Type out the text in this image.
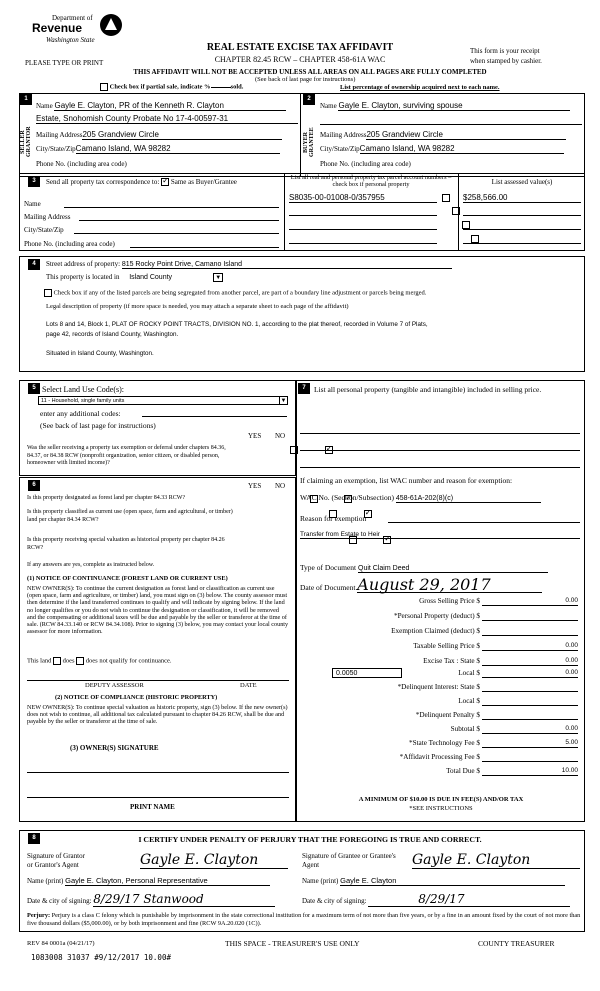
Department of
Revenue
Washington State
PLEASE TYPE OR PRINT
REAL ESTATE EXCISE TAX AFFIDAVIT
CHAPTER 82.45 RCW – CHAPTER 458-61A WAC
This form is your receipt
when stamped by cashier.
THIS AFFIDAVIT WILL NOT BE ACCEPTED UNLESS ALL AREAS ON ALL PAGES ARE FULLY COMPLETED
Check box if partial sale, indicate %	sold.
(See back of last page for instructions)
List percentage of ownership acquired next to each name.
1
SELLER GRANTOR
Name Gayle E. Clayton, PR of the Kenneth R. Clayton
Estate, Snohomish County Probate No 17-4-00597-31
Mailing Address205 Grandview Circle
City/State/ZipCamano Island, WA 98282
Phone No. (including area code)
2
BUYER GRANTEE
Name Gayle E. Clayton, surviving spouse
Mailing Address205 Grandview Circle
City/State/ZipCamano Island, WA 98282
Phone No. (including area code)
3	Send all property tax correspondence to: ✓ Same as Buyer/Grantee
Name
Mailing Address
City/State/Zip
Phone No. (including area code)
List all real and personal property tax parcel account numbers – check box if personal property	List assessed value(s)
S8035-00-01008-0/357955

	$258,566.00
4	Street address of property: 815 Rocky Point Drive, Camano Island
This property is located in Island County	▼
Check box if any of the listed parcels are being segregated from another parcel, are part of a boundary line adjustment or parcels being merged.
Legal description of property (if more space is needed, you may attach a separate sheet to each page of the affidavit)
Lots 8 and 14, Block 1, PLAT OF ROCKY POINT TRACTS, DIVISION NO. 1, according to the plat thereof, recorded in Volume 7 of Plats,
page 42, records of Island County, Washington.
Situated in Island County, Washington.
5 Select Land Use Code(s):
11 - Household, single family units	▼
enter any additional codes:
(See back of last page for instructions)
YES NO
Was the seller receiving a property tax exemption or deferral under chapters 84.36, 84.37, or 84.38 RCW (nonprofit organization, senior citizen, or disabled person, homeowner with limited income)?
✓
6	YES NO
Is this property designated as forest land per chapter 84.33 RCW?
✓
Is this property classified as current use (open space, farm and agricultural, or timber) land per chapter 84.34 RCW?
✓
Is this property receiving special valuation as historical property per chapter 84.26 RCW?
✓
If any answers are yes, complete as instructed below.
(1) NOTICE OF CONTINUANCE (FOREST LAND OR CURRENT USE)
NEW OWNER(S): To continue the current designation as forest land or classification as current use (open space, farm and agriculture, or timber) land, you must sign on (3) below. The county assessor must then determine if the land transferred continues to qualify and will indicate by signing below. If the land no longer qualifies or you do not wish to continue the designation or classification, it will be removed and the compensating or additional taxes will be due and payable by the seller or transferor at the time of sale. (RCW 84.33.140 or RCW 84.34.108). Prior to signing (3) below, you may contact your local county assessor for more information.
This land does does not qualify for continuance.
DEPUTY ASSESSOR	DATE
(2) NOTICE OF COMPLIANCE (HISTORIC PROPERTY)
NEW OWNER(S): To continue special valuation as historic property, sign (3) below. If the new owner(s) does not wish to continue, all additional tax calculated pursuant to chapter 84.26 RCW, shall be due and payable by the seller or transferor at the time of sale.
(3) OWNER(S) SIGNATURE
PRINT NAME
7	List all personal property (tangible and intangible) included in selling price.
If claiming an exemption, list WAC number and reason for exemption:
WAC No. (Section/Subsection) 458-61A-202(8)(c)
Reason for exemption
Transfer from Estate to Heir
Type of Document Quit Claim Deed
Date of Document August 29, 2017
Gross Selling Price $	0.00
*Personal Property (deduct) $
Exemption Claimed (deduct) $
Taxable Selling Price $	0.00
Excise Tax : State $	0.00
Local $	0.00
*Delinquent Interest: State $
Local $
*Delinquent Penalty $
Subtotal $	0.00
*State Technology Fee $	5.00
*Affidavit Processing Fee $
Total Due $	10.00
0.0050
A MINIMUM OF $10.00 IS DUE IN FEE(S) AND/OR TAX
*SEE INSTRUCTIONS
8	I CERTIFY UNDER PENALTY OF PERJURY THAT THE FOREGOING IS TRUE AND CORRECT.
Signature of Grantor or Grantor's Agent	Gayle E. Clayton
Name (print) Gayle E. Clayton, Personal Representative
Date & city of signing: 8/29/17 Stanwood
Signature of Grantee or Grantee's Agent	Gayle E. Clayton
Name (print) Gayle E. Clayton
Date & city of signing:	8/29/17
Perjury: Perjury is a class C felony which is punishable by imprisonment in the state correctional institution for a maximum term of not more than five years, or by a fine in an amount fixed by the court of not more than five thousand dollars ($5,000.00), or by both imprisonment and fine (RCW 9A.20.020 (1C)).
REV 84 0001a (04/21/17)	THIS SPACE - TREASURER'S USE ONLY	COUNTY TREASURER
1083008 31037 #9/12/2017 10.00#
